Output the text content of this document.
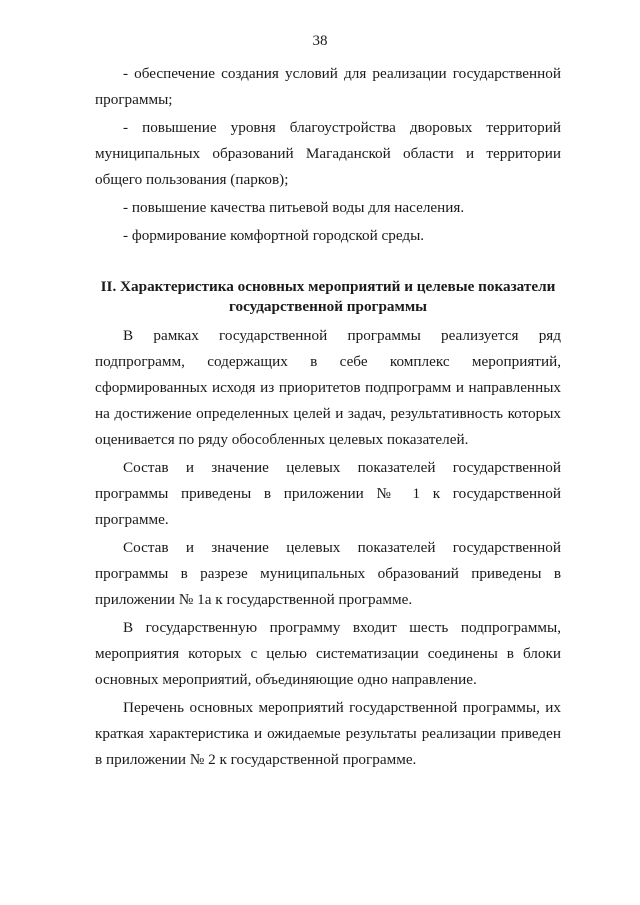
38

- обеспечение создания условий для реализации государственной программы;

- повышение уровня благоустройства дворовых территорий муниципальных образований Магаданской области и территории общего пользования (парков);

- повышение качества питьевой воды для населения.

- формирование комфортной городской среды.

II. Характеристика основных мероприятий и целевые показатели
государственной программы

В рамках государственной программы реализуется ряд подпрограмм, содержащих в себе комплекс мероприятий, сформированных исходя из приоритетов подпрограмм и направленных на достижение определенных целей и задач, результативность которых оценивается по ряду обособленных целевых показателей.

Состав и значение целевых показателей государственной программы приведены в приложении № 1 к государственной программе.

Состав и значение целевых показателей государственной программы в разрезе муниципальных образований приведены в приложении № 1а к государственной программе.

В государственную программу входит шесть подпрограммы, мероприятия которых с целью систематизации соединены в блоки основных мероприятий, объединяющие одно направление.

Перечень основных мероприятий государственной программы, их краткая характеристика и ожидаемые результаты реализации приведен в приложении № 2 к государственной программе.
